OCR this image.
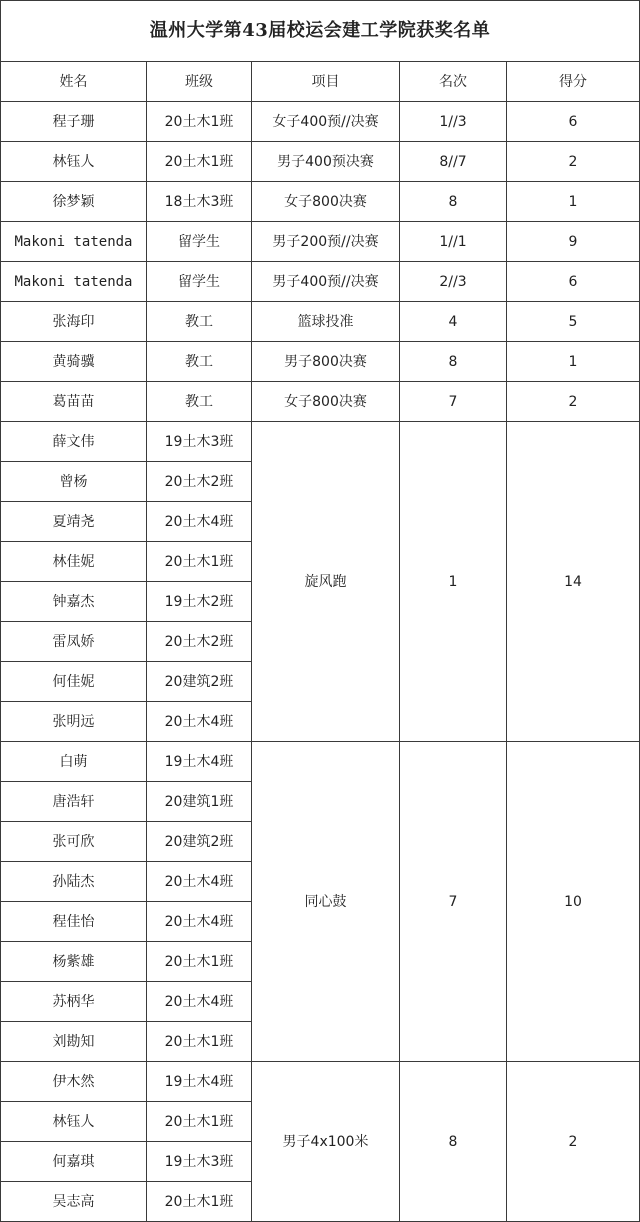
温州大学第43届校运会建工学院获奖名单				
姓名	班级	项目	名次	得分
程子珊	20土木1班	女子400预//决赛	1//3	6
林钰人	20土木1班	男子400预决赛	8//7	2
徐梦颖	18土木3班	女子800决赛	8	1
Makoni tatenda	留学生	男子200预//决赛	1//1	9
Makoni tatenda	留学生	男子400预//决赛	2//3	6
张海印	教工	篮球投准	4	5
黄骑骥	教工	男子800决赛	8	1
葛苗苗	教工	女子800决赛	7	2
薛文伟	19土木3班	旋风跑	1	14
曾杨	20土木2班			
夏靖尧	20土木4班			
林佳妮	20土木1班			
钟嘉杰	19土木2班			
雷凤娇	20土木2班			
何佳妮	20建筑2班			
张明远	20土木4班			
白萌	19土木4班	同心鼓	7	10
唐浩轩	20建筑1班			
张可欣	20建筑2班			
孙陆杰	20土木4班			
程佳怡	20土木4班			
杨紫雄	20土木1班			
苏柄华	20土木4班			
刘勘知	20土木1班			
伊木然	19土木4班	男子4x100米	8	2
林钰人	20土木1班			
何嘉琪	19土木3班			
吴志高	20土木1班			
